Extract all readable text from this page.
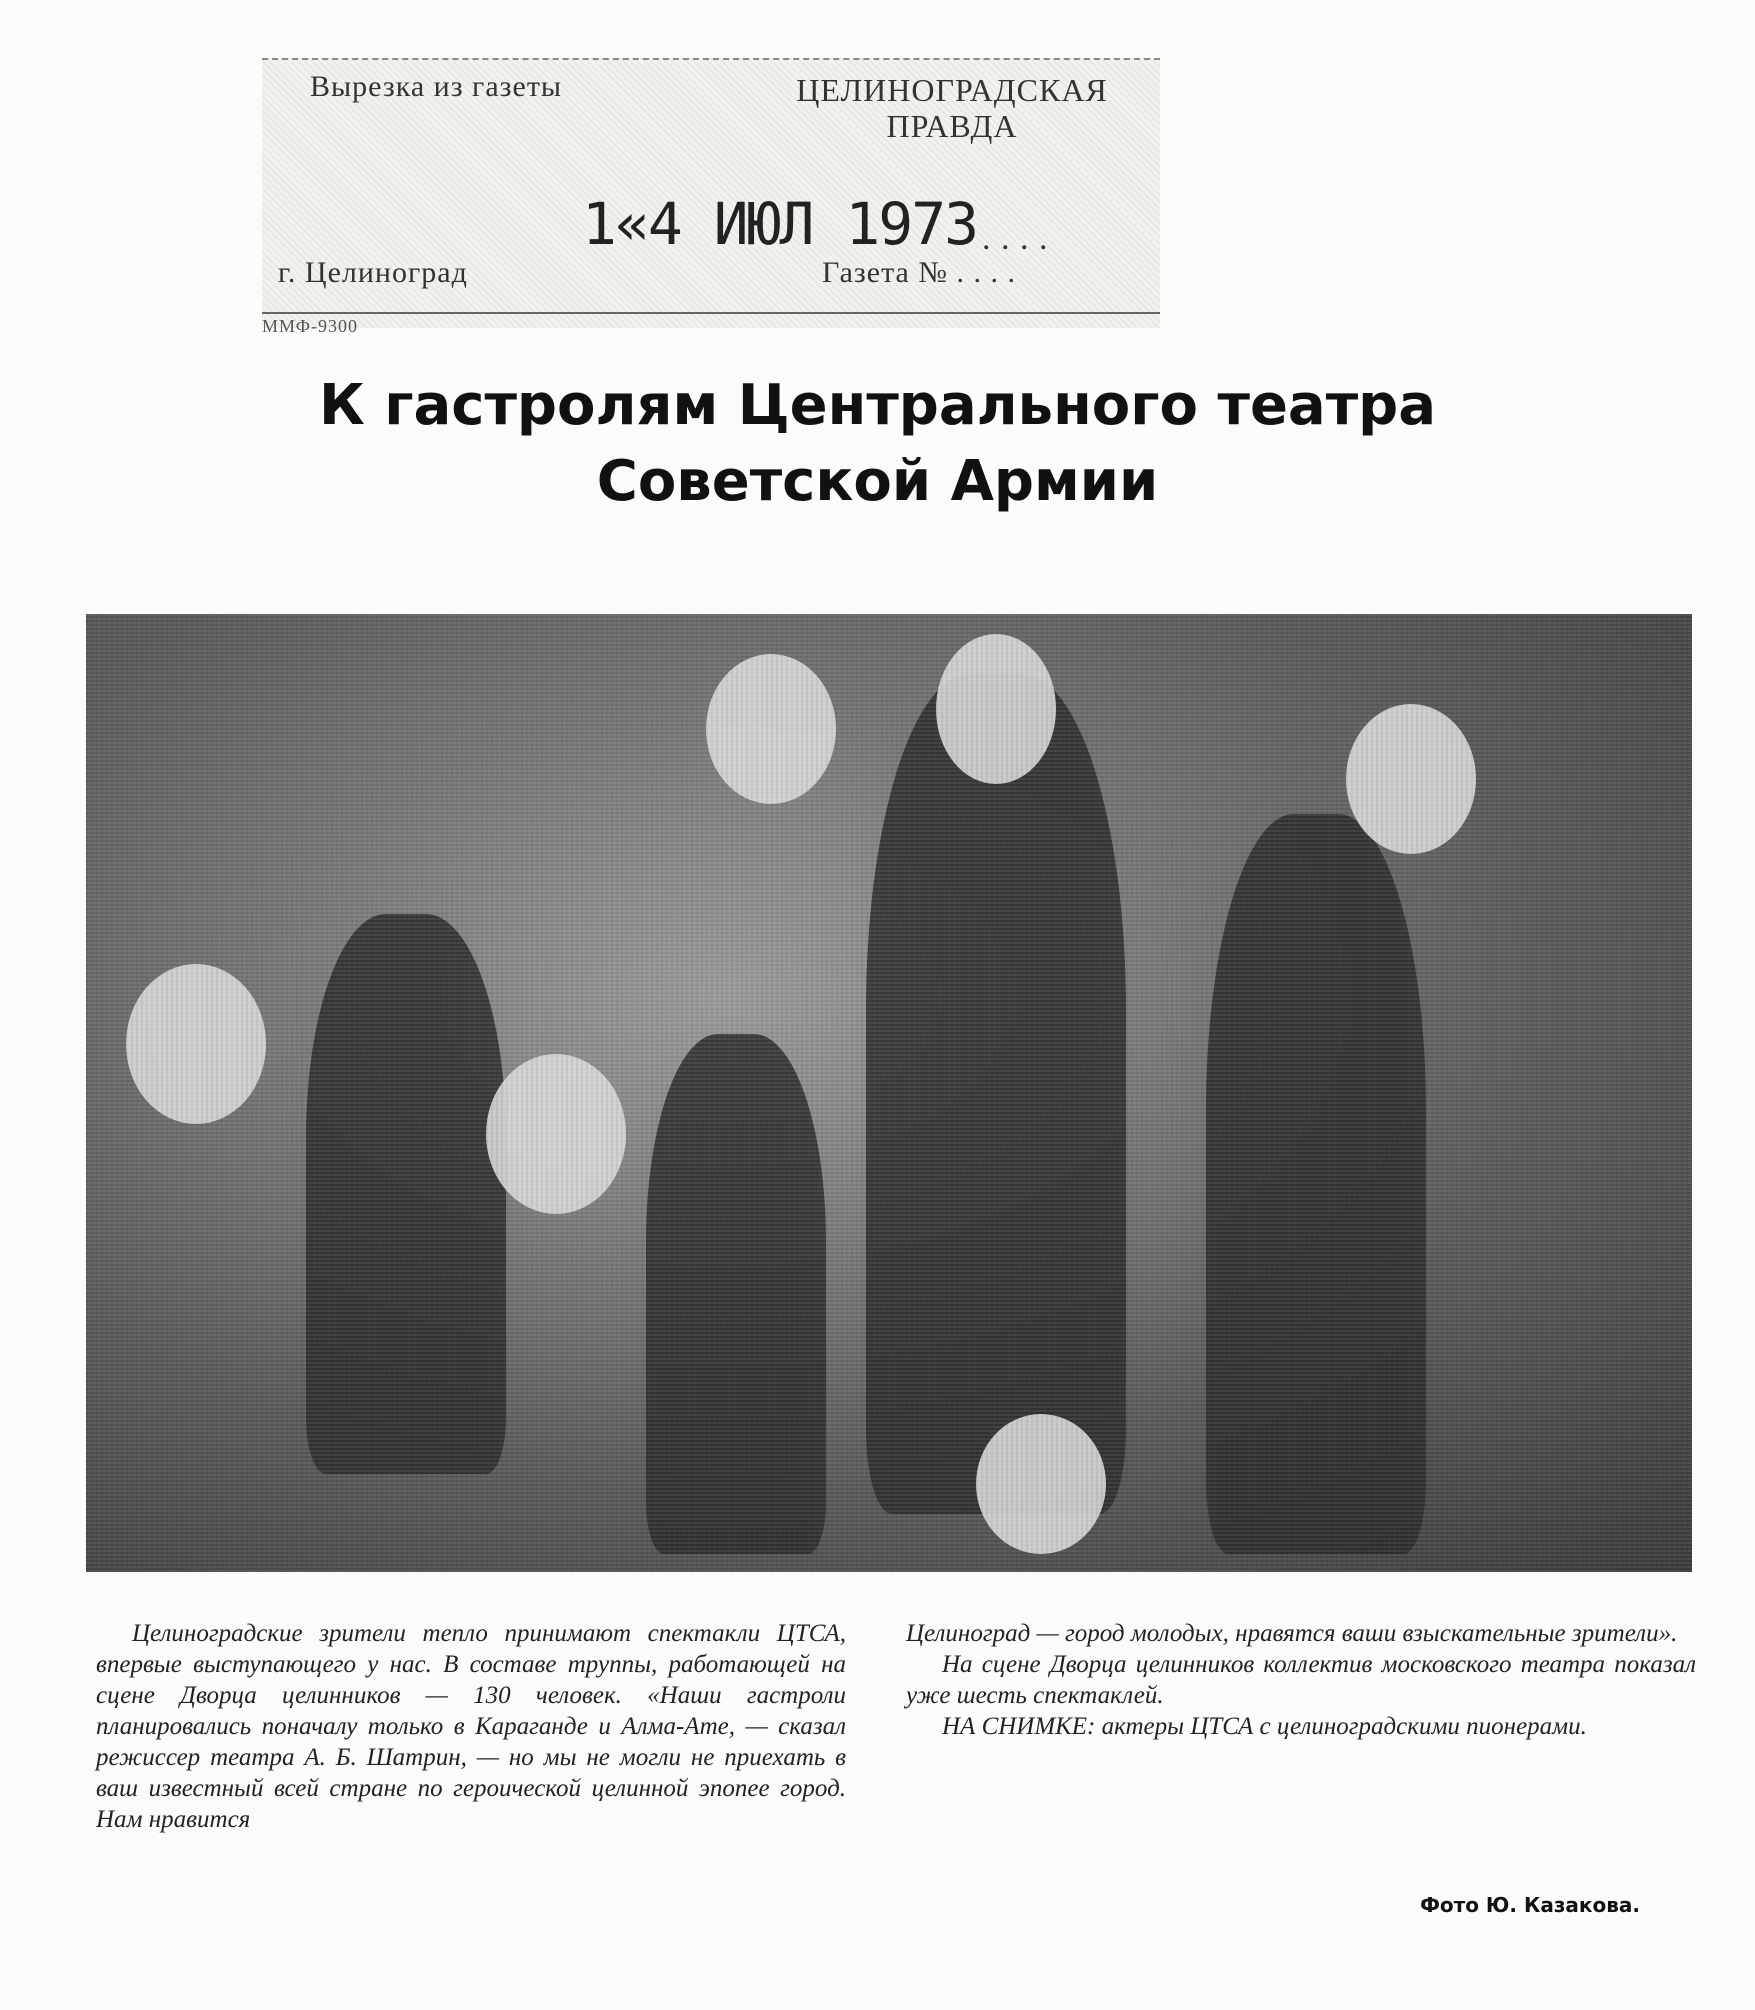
Вырезка из газеты	ЦЕЛИНОГРАДСКАЯ
ПРАВДА
1«4 ИЮЛ 1973 . . . .
г. Целиноград	Газета № . . . .
ММФ-9300
К гастролям Центрального театра
Советской Армии

Целиноградские зрители тепло принимают спектакли ЦТСА, впервые выступающего у нас. В составе труппы, работающей на сцене Дворца целинников — 130 человек. «Наши гастроли планировались поначалу только в Караганде и Алма-Ате, — сказал режиссер театра А. Б. Шатрин, — но мы не могли не приехать в ваш известный всей стране по героической целинной эпопее город. Нам нравится

Целиноград — город молодых, нравятся ваши взыскательные зрители».

На сцене Дворца целинников коллектив московского театра показал уже шесть спектаклей.

НА СНИМКЕ: актеры ЦТСА с целиноградскими пионерами.

Фото Ю. Казакова.
